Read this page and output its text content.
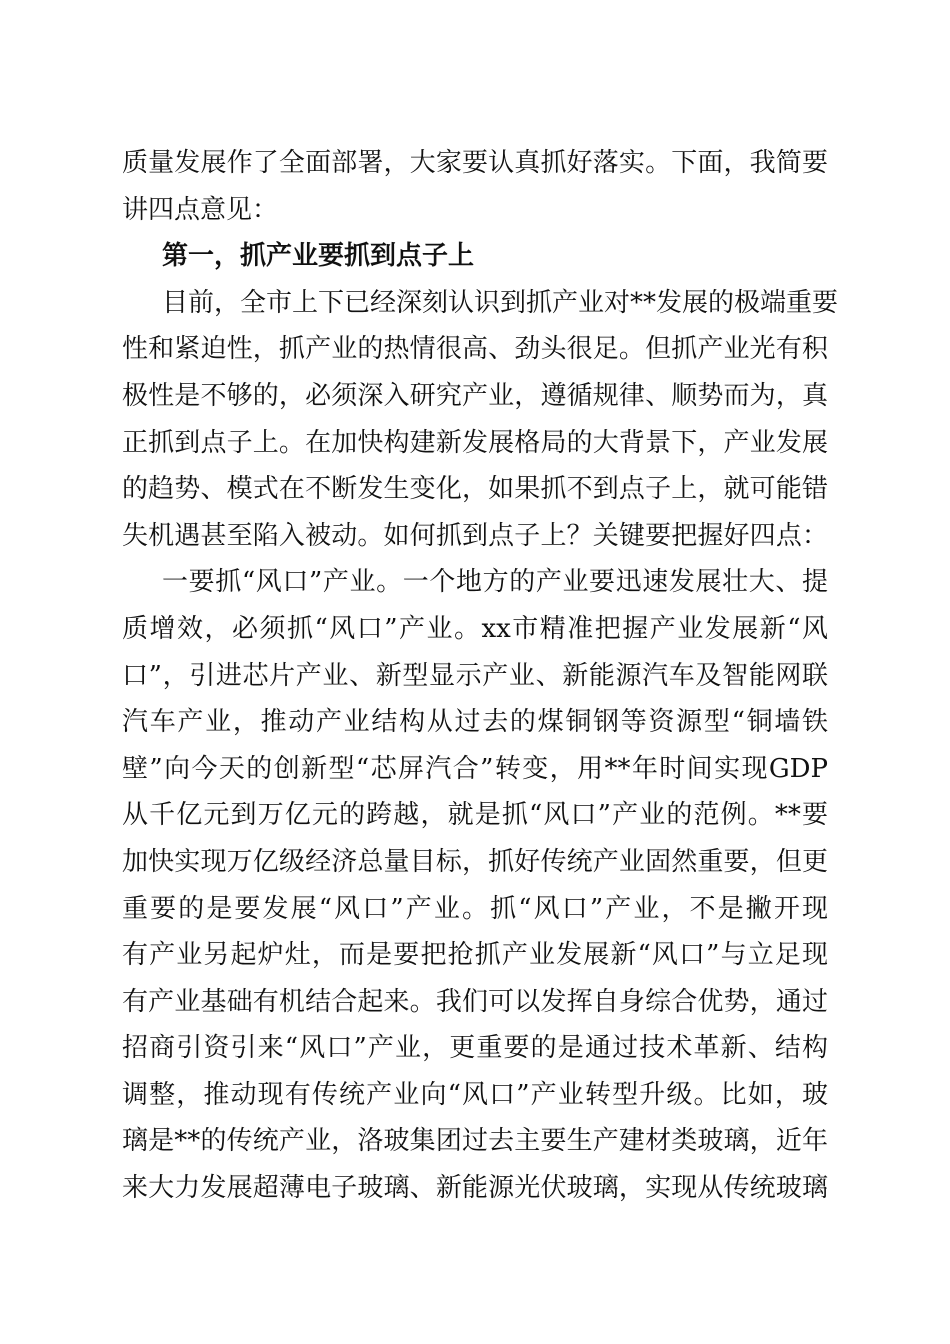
质量发展作了全面部署，大家要认真抓好落实。下面，我简要
讲四点意见：
第一，抓产业要抓到点子上
目前，全市上下已经深刻认识到抓产业对**发展的极端重要
性和紧迫性，抓产业的热情很高、劲头很足。但抓产业光有积
极性是不够的，必须深入研究产业，遵循规律、顺势而为，真
正抓到点子上。在加快构建新发展格局的大背景下，产业发展
的趋势、模式在不断发生变化，如果抓不到点子上，就可能错
失机遇甚至陷入被动。如何抓到点子上？关键要把握好四点：
一要抓“风口”产业。一个地方的产业要迅速发展壮大、提
质增效，必须抓“风口”产业。xx市精准把握产业发展新“风
口”，引进芯片产业、新型显示产业、新能源汽车及智能网联
汽车产业，推动产业结构从过去的煤铜钢等资源型“铜墙铁
壁”向今天的创新型“芯屏汽合”转变，用**年时间实现GDP
从千亿元到万亿元的跨越，就是抓“风口”产业的范例。**要
加快实现万亿级经济总量目标，抓好传统产业固然重要，但更
重要的是要发展“风口”产业。抓“风口”产业，不是撇开现
有产业另起炉灶，而是要把抢抓产业发展新“风口”与立足现
有产业基础有机结合起来。我们可以发挥自身综合优势，通过
招商引资引来“风口”产业，更重要的是通过技术革新、结构
调整，推动现有传统产业向“风口”产业转型升级。比如，玻
璃是**的传统产业，洛玻集团过去主要生产建材类玻璃，近年
来大力发展超薄电子玻璃、新能源光伏玻璃，实现从传统玻璃
